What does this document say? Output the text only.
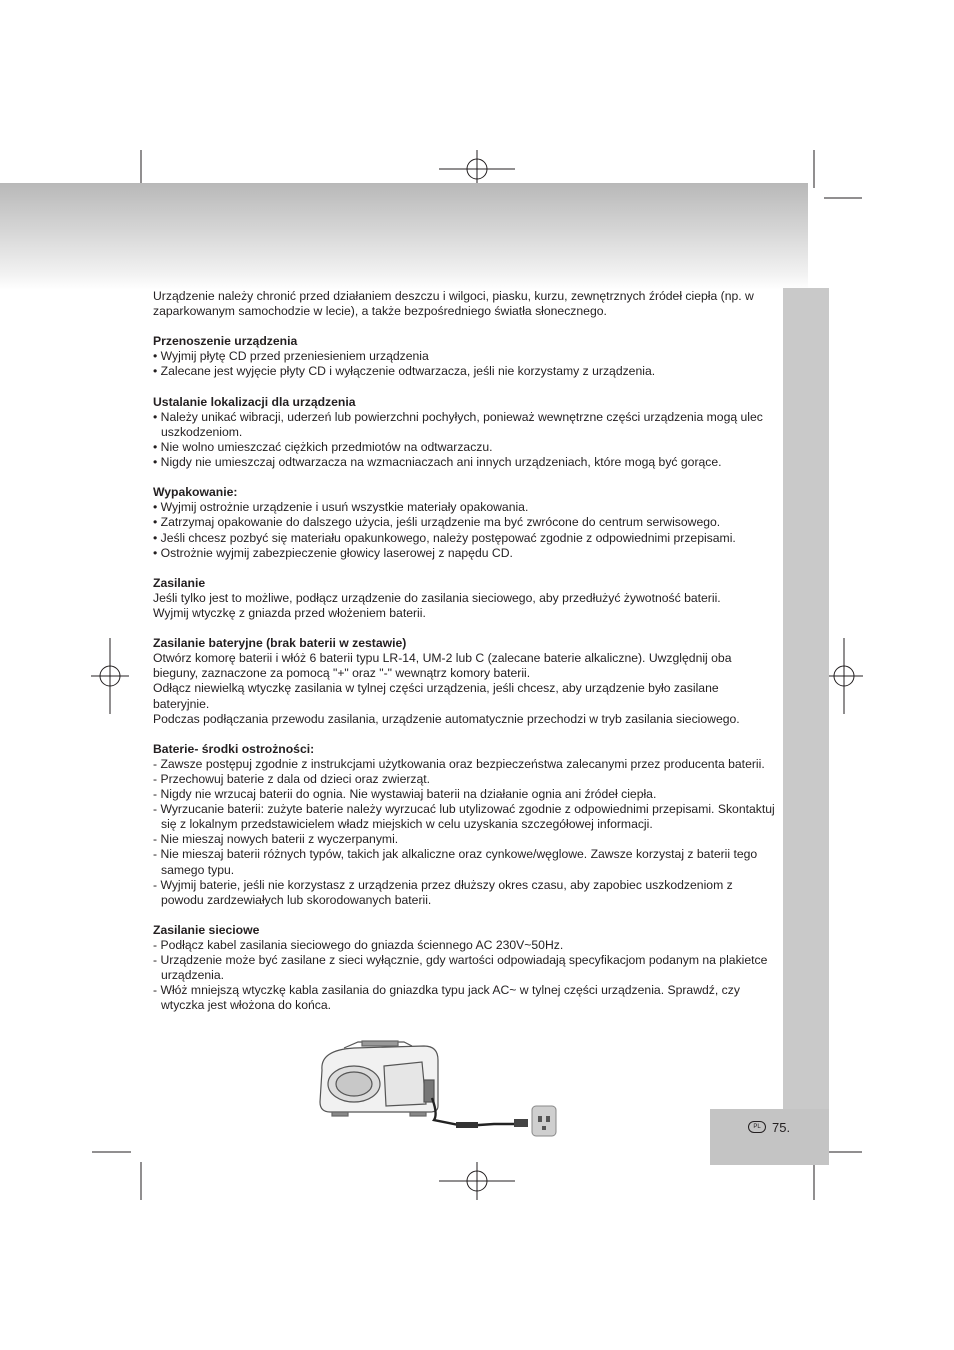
PL 75.

Urządzenie należy chronić przed działaniem deszczu i wilgoci, piasku, kurzu, zewnętrznych źródeł ciepła (np. w zaparkowanym samochodzie w lecie), a także bezpośredniego światła słonecznego.

Przenoszenie urządzenia
• Wyjmij płytę CD przed przeniesieniem urządzenia
• Zalecane jest wyjęcie płyty CD i wyłączenie odtwarzacza, jeśli nie korzystamy z urządzenia.
Ustalanie lokalizacji dla urządzenia
• Należy unikać wibracji, uderzeń lub powierzchni pochyłych, ponieważ wewnętrzne części urządzenia mogą ulec uszkodzeniom.
• Nie wolno umieszczać ciężkich przedmiotów na odtwarzaczu.
• Nigdy nie umieszczaj odtwarzacza na wzmacniaczach ani innych urządzeniach, które mogą być gorące.
Wypakowanie:
• Wyjmij ostrożnie urządzenie i usuń wszystkie materiały opakowania.
• Zatrzymaj opakowanie do dalszego użycia, jeśli urządzenie ma być zwrócone do centrum serwisowego.
• Jeśli chcesz pozbyć się materiału opakunkowego, należy postępować zgodnie z odpowiednimi przepisami.
• Ostrożnie wyjmij zabezpieczenie głowicy laserowej z napędu CD.
Zasilanie

Jeśli tylko jest to możliwe, podłącz urządzenie do zasilania sieciowego, aby przedłużyć żywotność baterii.

Wyjmij wtyczkę z gniazda przed włożeniem baterii.

Zasilanie bateryjne (brak baterii w zestawie)

Otwórz komorę baterii i włóż 6 baterii typu LR-14, UM-2 lub C (zalecane baterie alkaliczne). Uwzględnij oba bieguny, zaznaczone za pomocą "+" oraz "-" wewnątrz komory baterii.

Odłącz niewielką wtyczkę zasilania w tylnej części urządzenia, jeśli chcesz, aby urządzenie było zasilane bateryjnie.

Podczas podłączania przewodu zasilania, urządzenie automatycznie przechodzi w tryb zasilania sieciowego.

Baterie- środki ostrożności:
- Zawsze postępuj zgodnie z instrukcjami użytkowania oraz bezpieczeństwa zalecanymi przez producenta baterii.
- Przechowuj baterie z dala od dzieci oraz zwierząt.
- Nigdy nie wrzucaj baterii do ognia. Nie wystawiaj baterii na działanie ognia ani źródeł ciepła.
- Wyrzucanie baterii: zużyte baterie należy wyrzucać lub utylizować zgodnie z odpowiednimi przepisami. Skontaktuj się z lokalnym przedstawicielem władz miejskich w celu uzyskania szczegółowej informacji.
- Nie mieszaj nowych baterii z wyczerpanymi.
- Nie mieszaj baterii różnych typów, takich jak alkaliczne oraz cynkowe/węglowe. Zawsze korzystaj z baterii tego samego typu.
- Wyjmij baterie, jeśli nie korzystasz z urządzenia przez dłuższy okres czasu, aby zapobiec uszkodzeniom z powodu zardzewiałych lub skorodowanych baterii.
Zasilanie sieciowe
- Podłącz kabel zasilania sieciowego do gniazda ściennego AC 230V~50Hz.
- Urządzenie może być zasilane z sieci wyłącznie, gdy wartości odpowiadają specyfikacjom podanym na plakietce urządzenia.
- Włóż mniejszą wtyczkę kabla zasilania do gniazdka typu jack AC~ w tylnej części urządzenia. Sprawdź, czy wtyczka jest włożona do końca.
